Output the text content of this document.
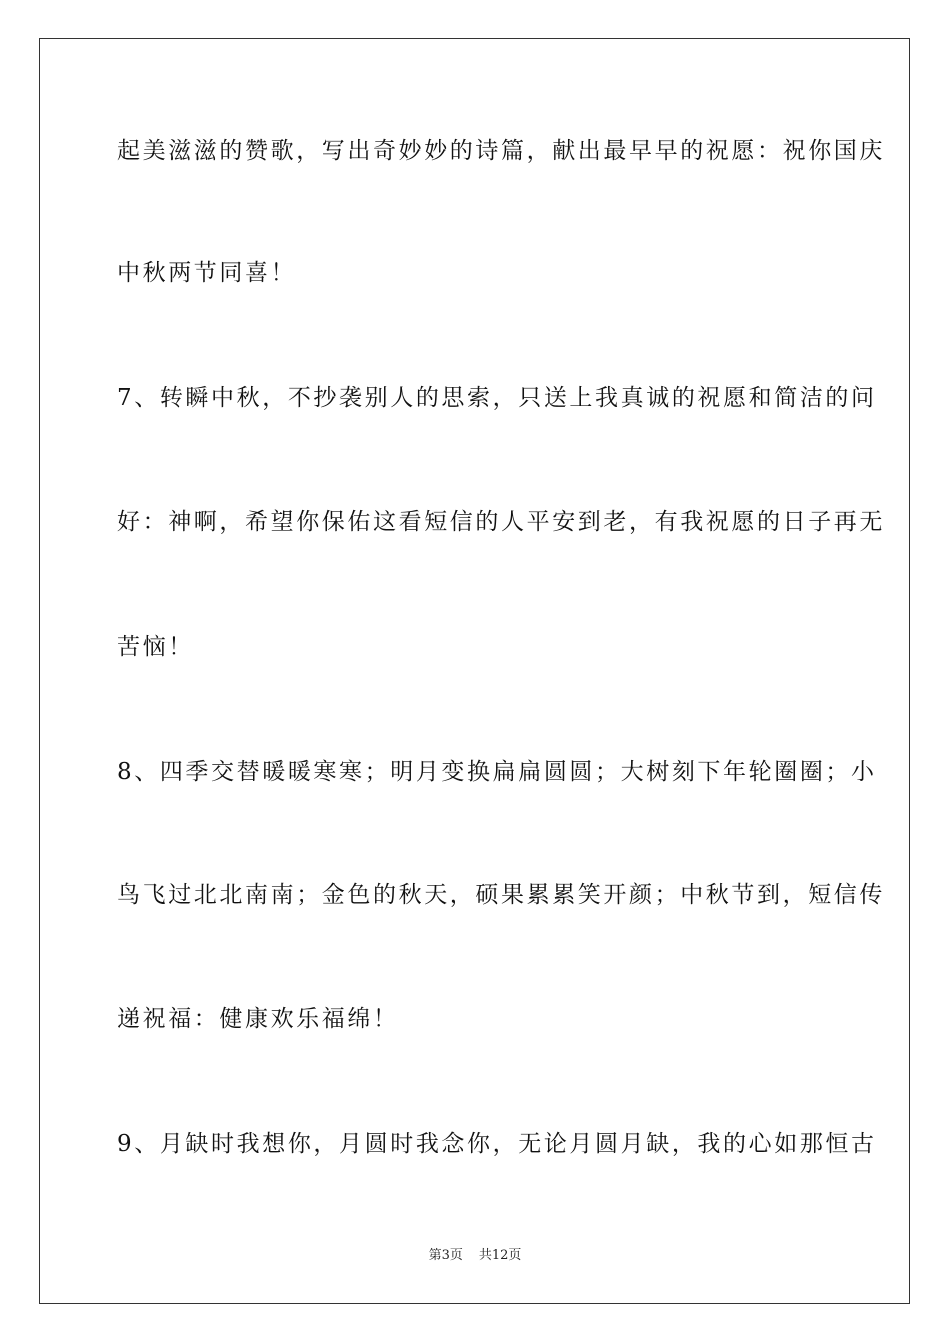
起美滋滋的赞歌，写出奇妙妙的诗篇，献出最早早的祝愿：祝你国庆
中秋两节同喜！
7、转瞬中秋，不抄袭别人的思索，只送上我真诚的祝愿和简洁的问
好：神啊，希望你保佑这看短信的人平安到老，有我祝愿的日子再无
苦恼！
8、四季交替暖暖寒寒；明月变换扁扁圆圆；大树刻下年轮圈圈；小
鸟飞过北北南南；金色的秋天，硕果累累笑开颜；中秋节到，短信传
递祝福：健康欢乐福绵！
9、月缺时我想你，月圆时我念你，无论月圆月缺，我的心如那恒古
第3页 共12页
